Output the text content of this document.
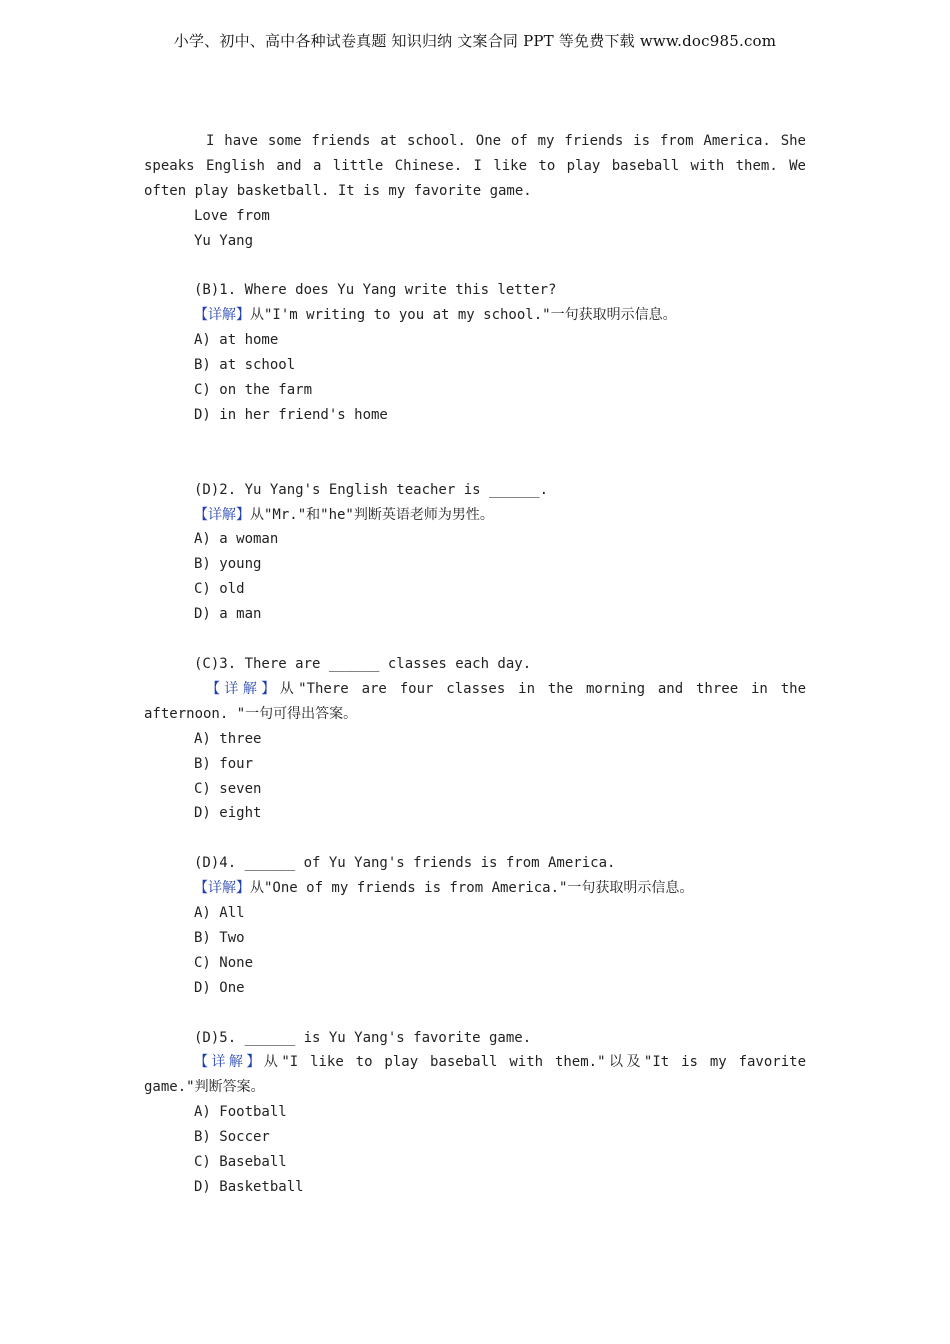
小学、初中、高中各种试卷真题 知识归纳 文案合同 PPT 等免费下载 www.doc985.com

I have some friends at school. One of my friends is from America. She speaks English and a little Chinese. I like to play baseball with them. We often play basketball. It is my favorite game.

Love from

Yu Yang

(B)1. Where does Yu Yang write this letter?

【详解】从"I'm writing to you at my school."一句获取明示信息。

A) at home

B) at school

C) on the farm

D) in her friend's home

(D)2. Yu Yang's English teacher is ______.

【详解】从"Mr."和"he"判断英语老师为男性。

A) a woman

B) young

C) old

D) a man

(C)3. There are ______ classes each day.

【详解】从"There are four classes in the morning and three in the afternoon. "一句可得出答案。

A) three

B) four

C) seven

D) eight

(D)4. ______ of Yu Yang's friends is from America.

【详解】从"One of my friends is from America."一句获取明示信息。

A) All

B) Two

C) None

D) One

(D)5. ______ is Yu Yang's favorite game.

【详解】从"I like to play baseball with them."以及"It is my favorite game."判断答案。

A) Football

B) Soccer

C) Baseball

D) Basketball
